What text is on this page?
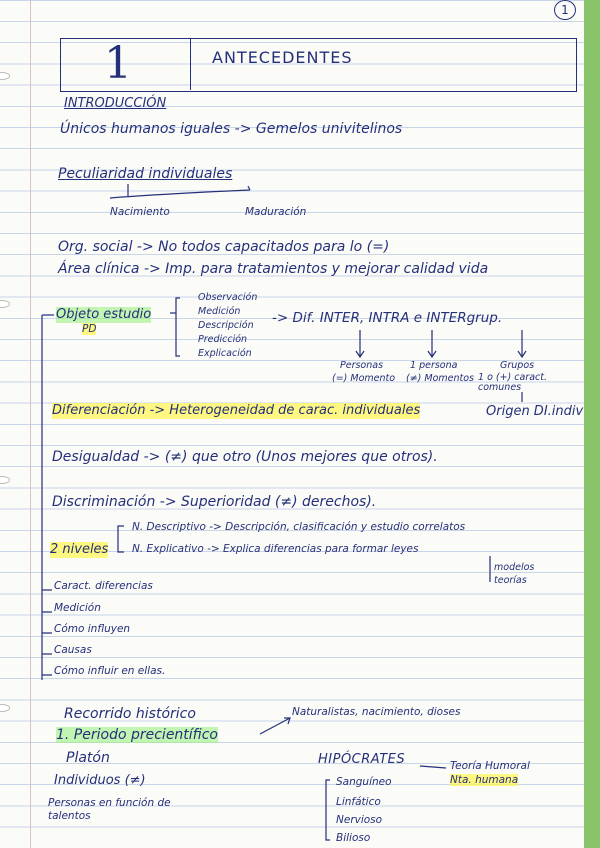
1
1	ANTECEDENTES
INTRODUCCIÓN
Únicos humanos iguales -> Gemelos univitelinos
Peculiaridad individuales
Nacimiento	Maduración
Org. social -> No todos capacitados para lo (=)
Área clínica -> Imp. para tratamientos y mejorar calidad vida
Objeto estudio
PD
Observación
Medición
Descripción
Predicción
Explicación
-> Dif. INTER, INTRA e INTERgrup.
Personas
(=) Momento
1 persona
(≠) Momentos
Grupos
1 o (+) caract. comunes
Diferenciación -> Heterogeneidad de carac. individuales	Origen DI.indiv
Desigualdad -> (≠) que otro (Unos mejores que otros).
Discriminación -> Superioridad (≠) derechos).
2 niveles
N. Descriptivo -> Descripción, clasificación y estudio correlatos
N. Explicativo -> Explica diferencias para formar leyes
modelos
teorías
Caract. diferencias
Medición
Cómo influyen
Causas
Cómo influir en ellas.
Recorrido histórico
1. Periodo precientífico
Naturalistas, nacimiento, dioses
Platón
Individuos (≠)
Personas en función de
talentos
HIPÓCRATES	Teoría Humoral
Nta. humana
Sanguíneo
Linfático
Nervioso
Bilioso
